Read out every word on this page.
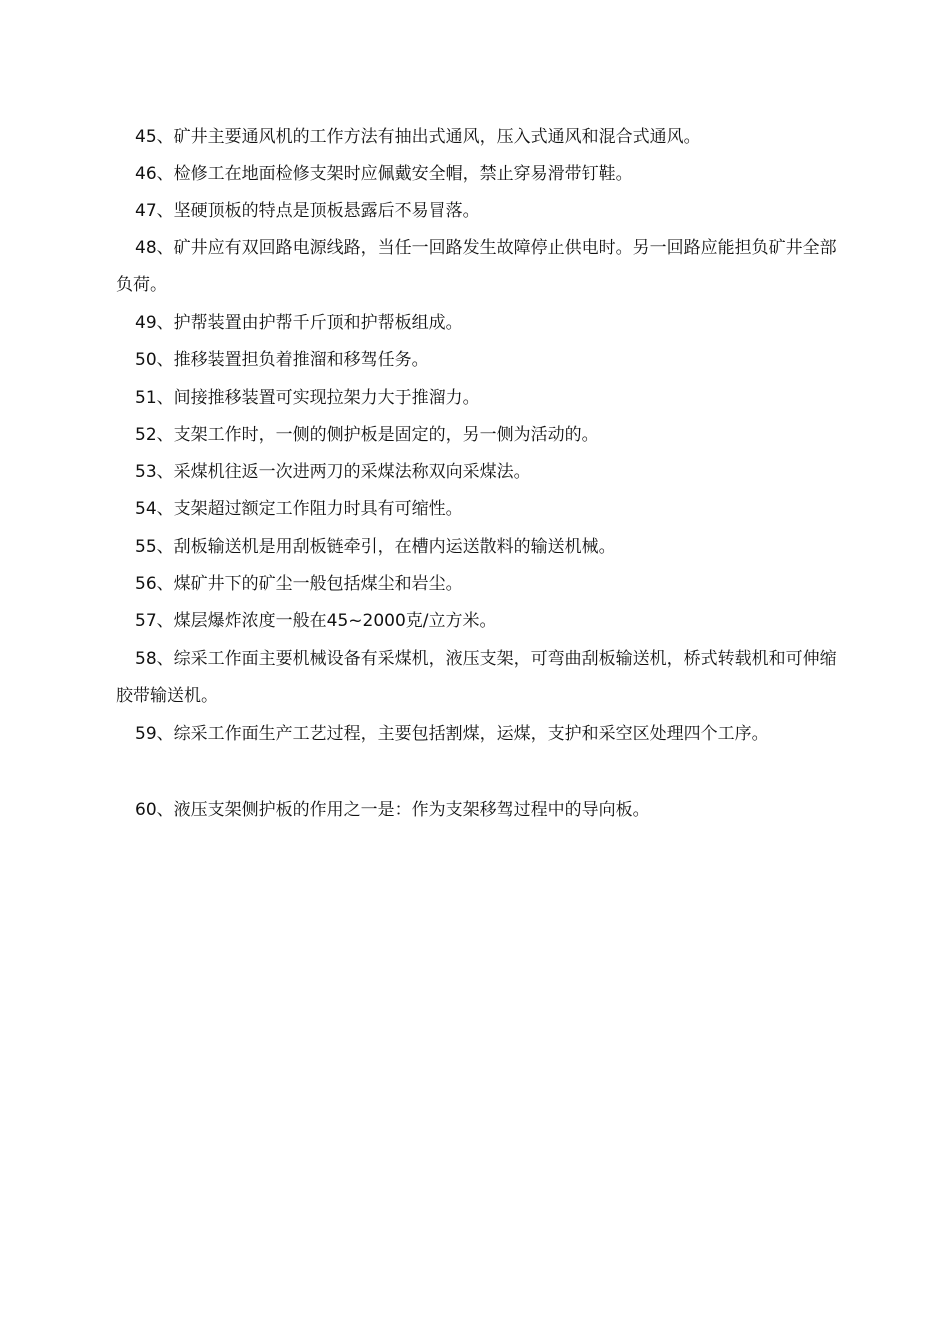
45、矿井主要通风机的工作方法有抽出式通风，压入式通风和混合式通风。

46、检修工在地面检修支架时应佩戴安全帽，禁止穿易滑带钉鞋。

47、坚硬顶板的特点是顶板悬露后不易冒落。

48、矿井应有双回路电源线路，当任一回路发生故障停止供电时。另一回路应能担负矿井全部负荷。

49、护帮装置由护帮千斤顶和护帮板组成。

50、推移装置担负着推溜和移驾任务。

51、间接推移装置可实现拉架力大于推溜力。

52、支架工作时，一侧的侧护板是固定的，另一侧为活动的。

53、采煤机往返一次进两刀的采煤法称双向采煤法。

54、支架超过额定工作阻力时具有可缩性。

55、刮板输送机是用刮板链牵引，在槽内运送散料的输送机械。

56、煤矿井下的矿尘一般包括煤尘和岩尘。

57、煤层爆炸浓度一般在45~2000克/立方米。

58、综采工作面主要机械设备有采煤机，液压支架，可弯曲刮板输送机，桥式转载机和可伸缩胶带输送机。

59、综采工作面生产工艺过程，主要包括割煤，运煤，支护和采空区处理四个工序。

60、液压支架侧护板的作用之一是：作为支架移驾过程中的导向板。
